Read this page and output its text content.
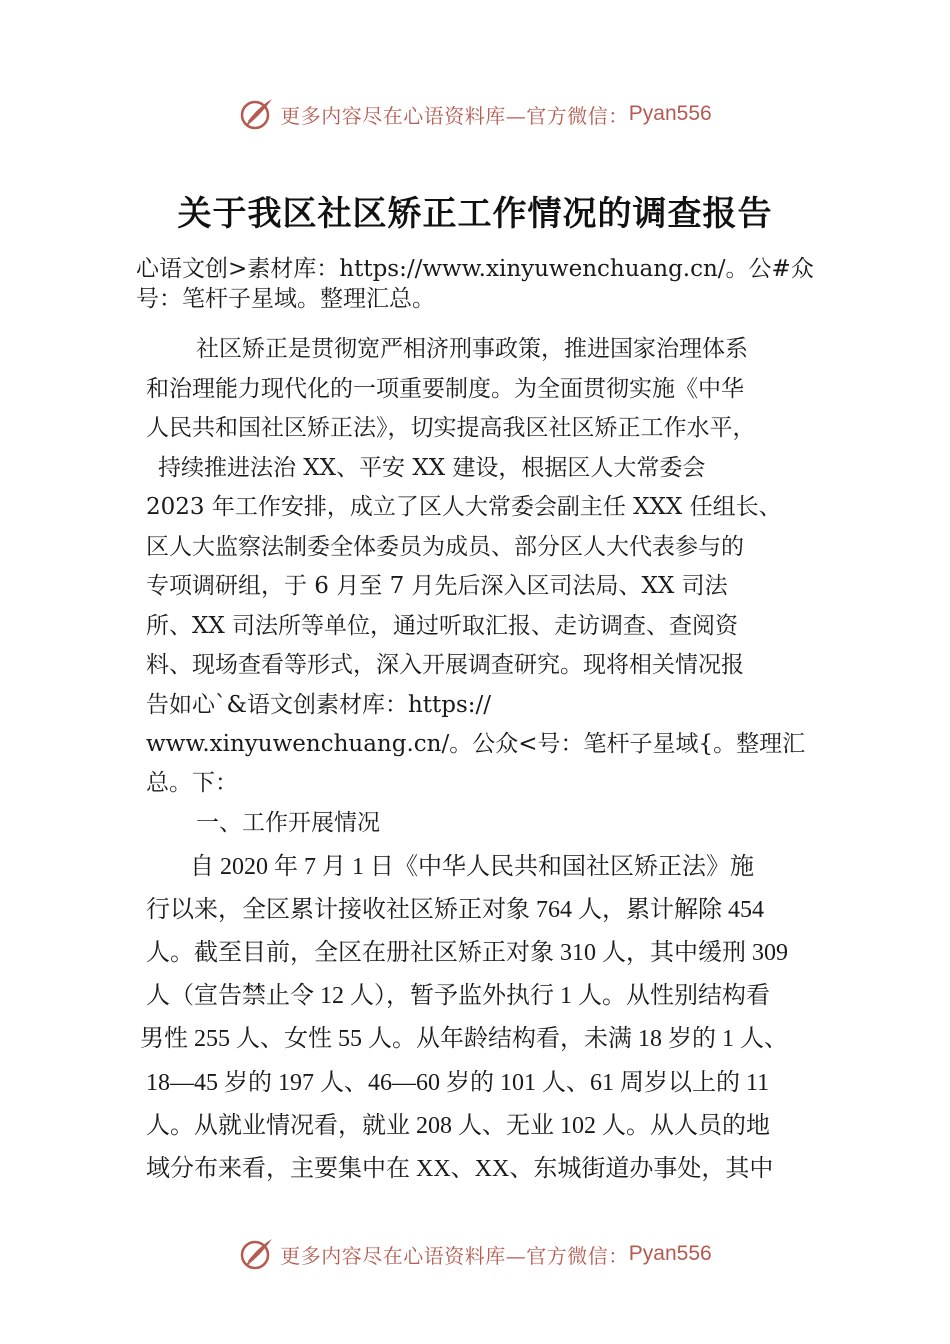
更多内容尽在心语资料库—官方微信： Pyan556
关于我区社区矫正工作情况的调查报告
心语文创>素材库：https://www.xinyuwenchuang.cn/。公#众
号：笔杆子星域。整理汇总。
社区矫正是贯彻宽严相济刑事政策，推进国家治理体系
和治理能力现代化的一项重要制度。为全面贯彻实施《中华
人民共和国社区矫正法》，切实提高我区社区矫正工作水平，
持续推进法治 XX、平安 XX 建设，根据区人大常委会
2023 年工作安排，成立了区人大常委会副主任 XXX 任组长、
区人大监察法制委全体委员为成员、部分区人大代表参与的
专项调研组，于 6 月至 7 月先后深入区司法局、XX 司法
所、XX 司法所等单位，通过听取汇报、走访调查、查阅资
料、现场查看等形式，深入开展调查研究。现将相关情况报
告如心`&语文创素材库：https://
www.xinyuwenchuang.cn/。公众<号：笔杆子星域{。整理汇
总。下：
一、工作开展情况
自 2020 年 7 月 1 日《中华人民共和国社区矫正法》施
行以来，全区累计接收社区矫正对象 764 人，累计解除 454
人。截至目前，全区在册社区矫正对象 310 人，其中缓刑 309
人（宣告禁止令 12 人），暂予监外执行 1 人。从性别结构看
男性 255 人、女性 55 人。从年龄结构看，未满 18 岁的 1 人、
18—45 岁的 197 人、46—60 岁的 101 人、61 周岁以上的 11
人。从就业情况看，就业 208 人、无业 102 人。从人员的地
域分布来看，主要集中在 XX、XX、东城街道办事处，其中
更多内容尽在心语资料库—官方微信： Pyan556
